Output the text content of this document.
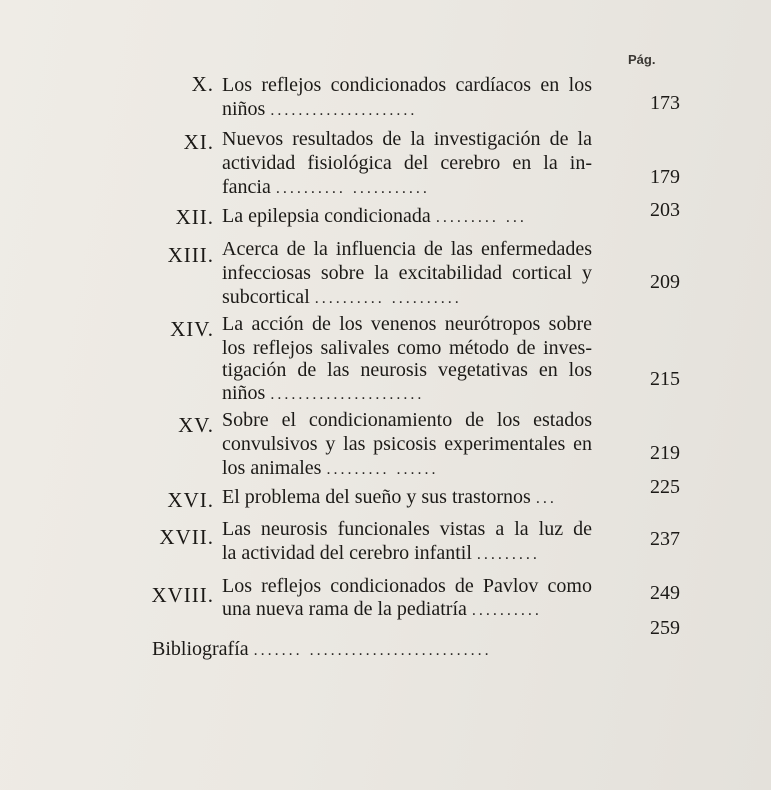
Pág.
X. Los reflejos condicionados cardíacos en los
niños .....................	173
XI. Nuevos resultados de la investigación de la
actividad fisiológica del cerebro en la in-
fancia .......... ...........
179
XII. La epilepsia condicionada ......... ...	203
XIII. Acerca de la influencia de las enfermedades
infecciosas sobre la excitabilidad cortical y
subcortical .......... ..........
209
XIV. La acción de los venenos neurótropos sobre
los reflejos salivales como método de inves-
tigación de las neurosis vegetativas en los
niños ......................
215
XV. Sobre el condicionamiento de los estados
convulsivos y las psicosis experimentales en
los animales ......... ......
219
XVI. El problema del sueño y sus trastornos ...
225
XVII. Las neurosis funcionales vistas a la luz de
la actividad del cerebro infantil .........
237
XVIII. Los reflejos condicionados de Pavlov como
una nueva rama de la pediatría ..........
249
Bibliografía ....... ..........................
259
